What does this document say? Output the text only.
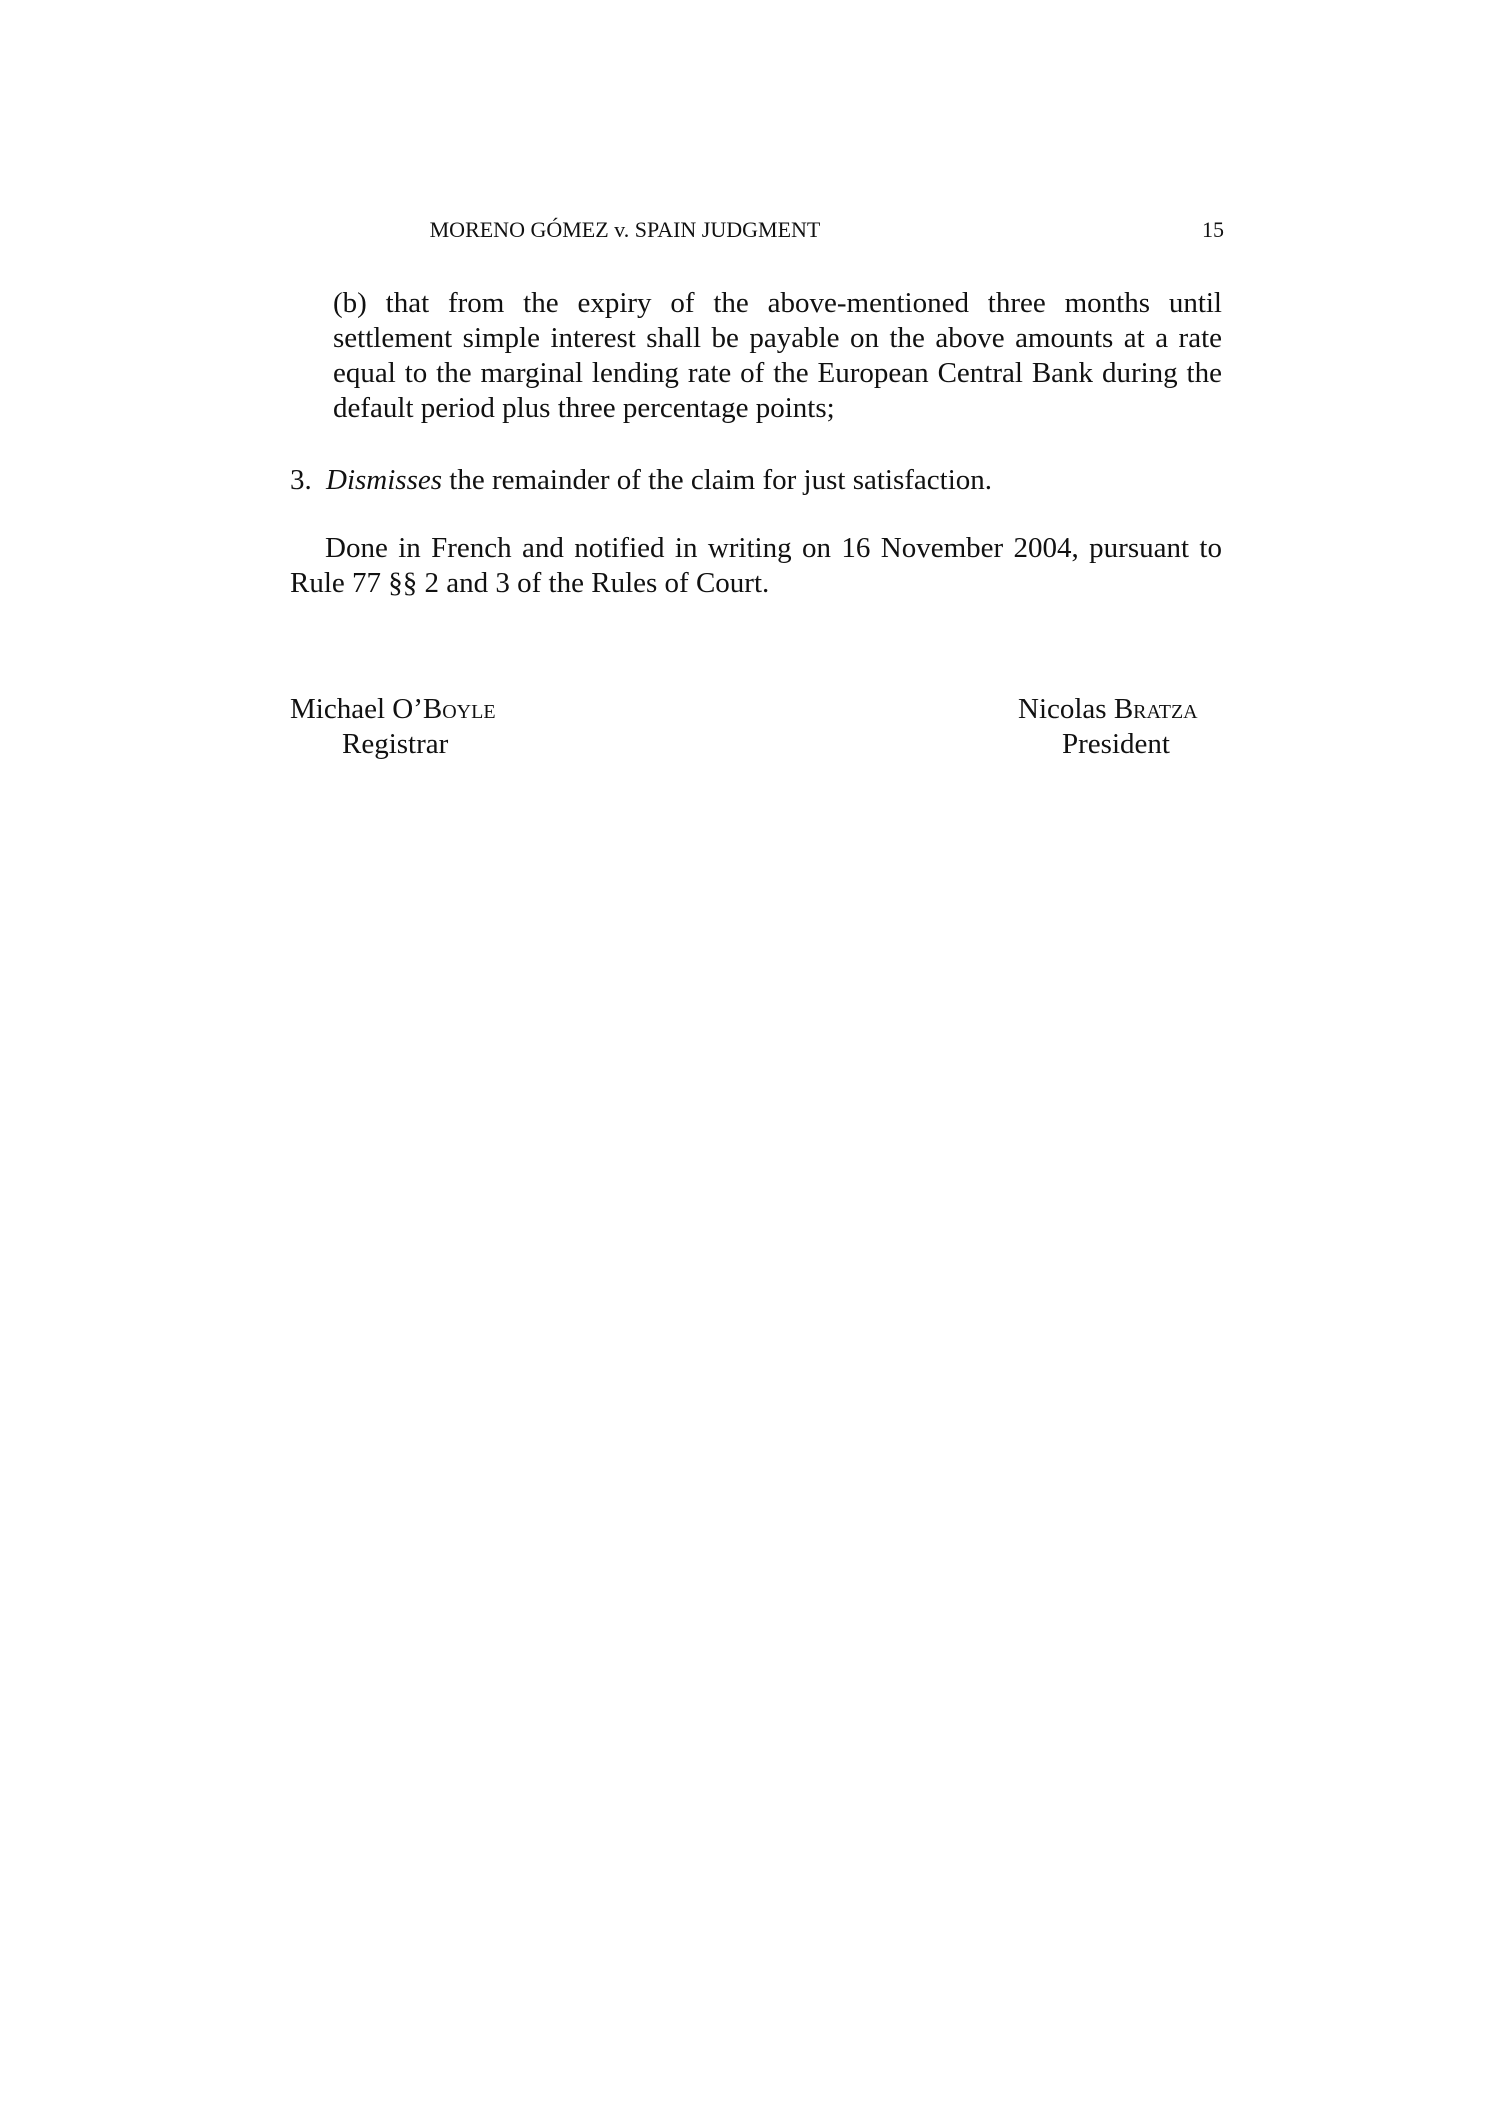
MORENO GÓMEZ v. SPAIN JUDGMENT	15
(b) that from the expiry of the above-mentioned three months until settlement simple interest shall be payable on the above amounts at a rate equal to the marginal lending rate of the European Central Bank during the default period plus three percentage points;
3. Dismisses the remainder of the claim for just satisfaction.
Done in French and notified in writing on 16 November 2004, pursuant to Rule 77 §§ 2 and 3 of the Rules of Court.
Michael O’Boyle
Registrar
Nicolas Bratza
President
